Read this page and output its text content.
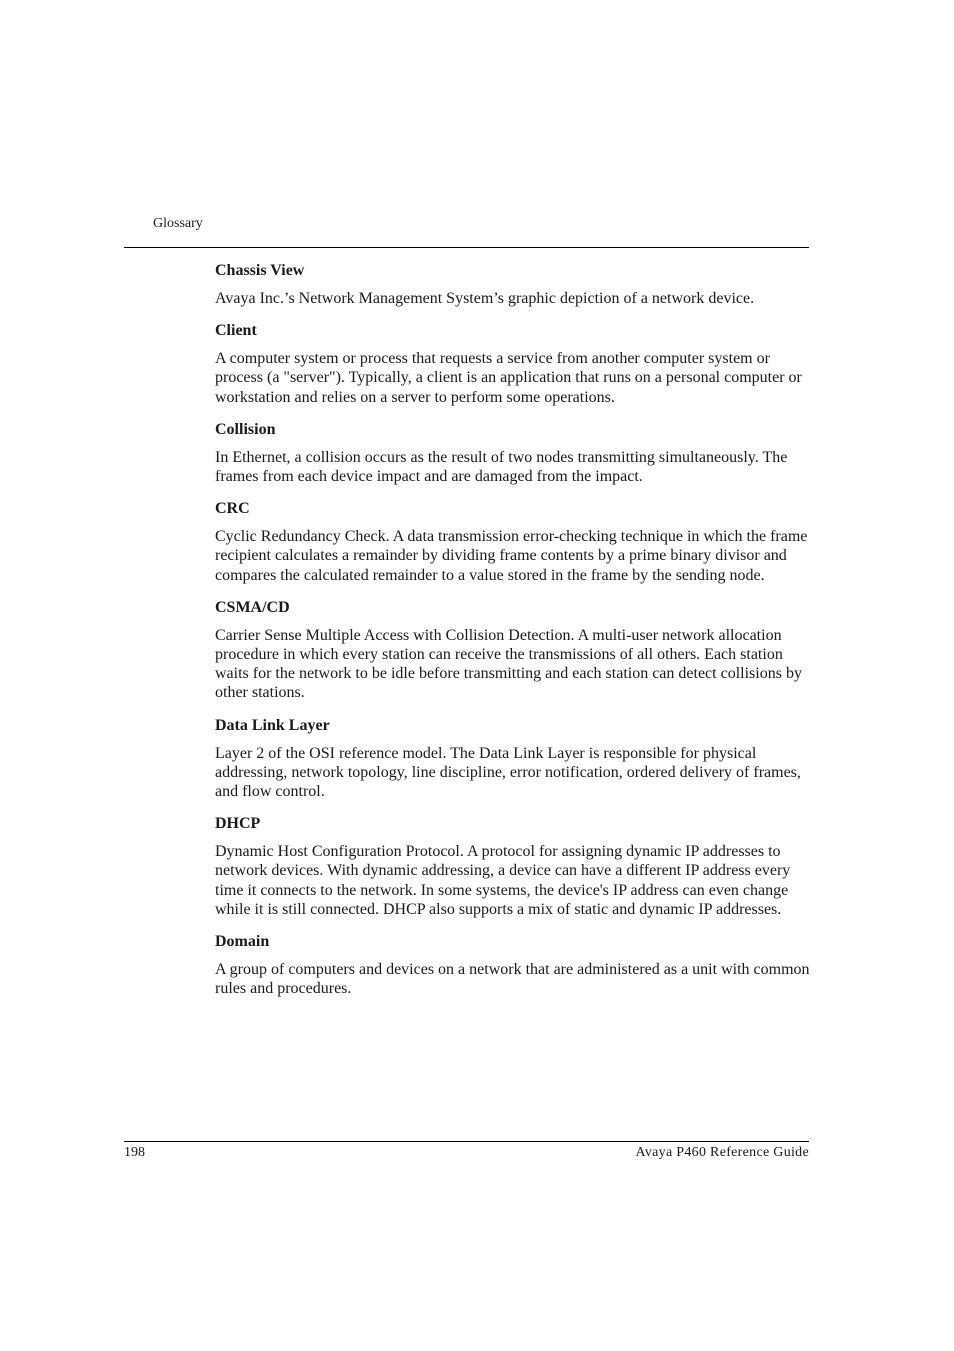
Glossary
Chassis View
Avaya Inc.’s Network Management System’s graphic depiction of a network device.
Client
A computer system or process that requests a service from another computer system or process (a "server"). Typically, a client is an application that runs on a personal computer or workstation and relies on a server to perform some operations.
Collision
In Ethernet, a collision occurs as the result of two nodes transmitting simultaneously. The frames from each device impact and are damaged from the impact.
CRC
Cyclic Redundancy Check. A data transmission error-checking technique in which the frame recipient calculates a remainder by dividing frame contents by a prime binary divisor and compares the calculated remainder to a value stored in the frame by the sending node.
CSMA/CD
Carrier Sense Multiple Access with Collision Detection. A multi-user network allocation procedure in which every station can receive the transmissions of all others. Each station waits for the network to be idle before transmitting and each station can detect collisions by other stations.
Data Link Layer
Layer 2 of the OSI reference model. The Data Link Layer is responsible for physical addressing, network topology, line discipline, error notification, ordered delivery of frames, and flow control.
DHCP
Dynamic Host Configuration Protocol. A protocol for assigning dynamic IP addresses to network devices. With dynamic addressing, a device can have a different IP address every time it connects to the network. In some systems, the device's IP address can even change while it is still connected. DHCP also supports a mix of static and dynamic IP addresses.
Domain
A group of computers and devices on a network that are administered as a unit with common rules and procedures.
198	Avaya P460 Reference Guide
